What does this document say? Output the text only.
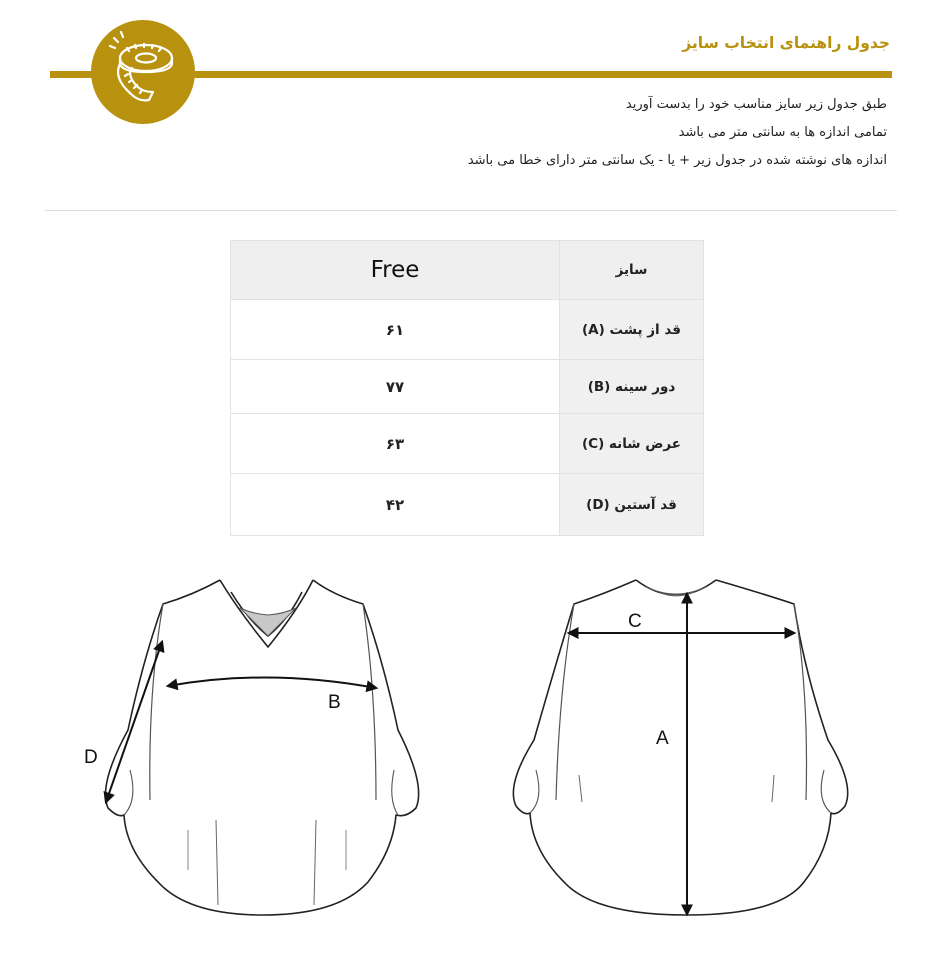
جدول راهنمای انتخاب سایز

طبق جدول زیر سایز مناسب خود را بدست آورید

تمامی اندازه ها به سانتی متر می باشد

اندازه های نوشته شده در جدول زیر + یا - یک سانتی متر دارای خطا می باشد

سایز	Free
قد از پشت (A)	۶۱
دور سینه (B)	۷۷
عرض شانه (C)	۶۳
قد آستین (D)	۴۲
B
D
C
A
